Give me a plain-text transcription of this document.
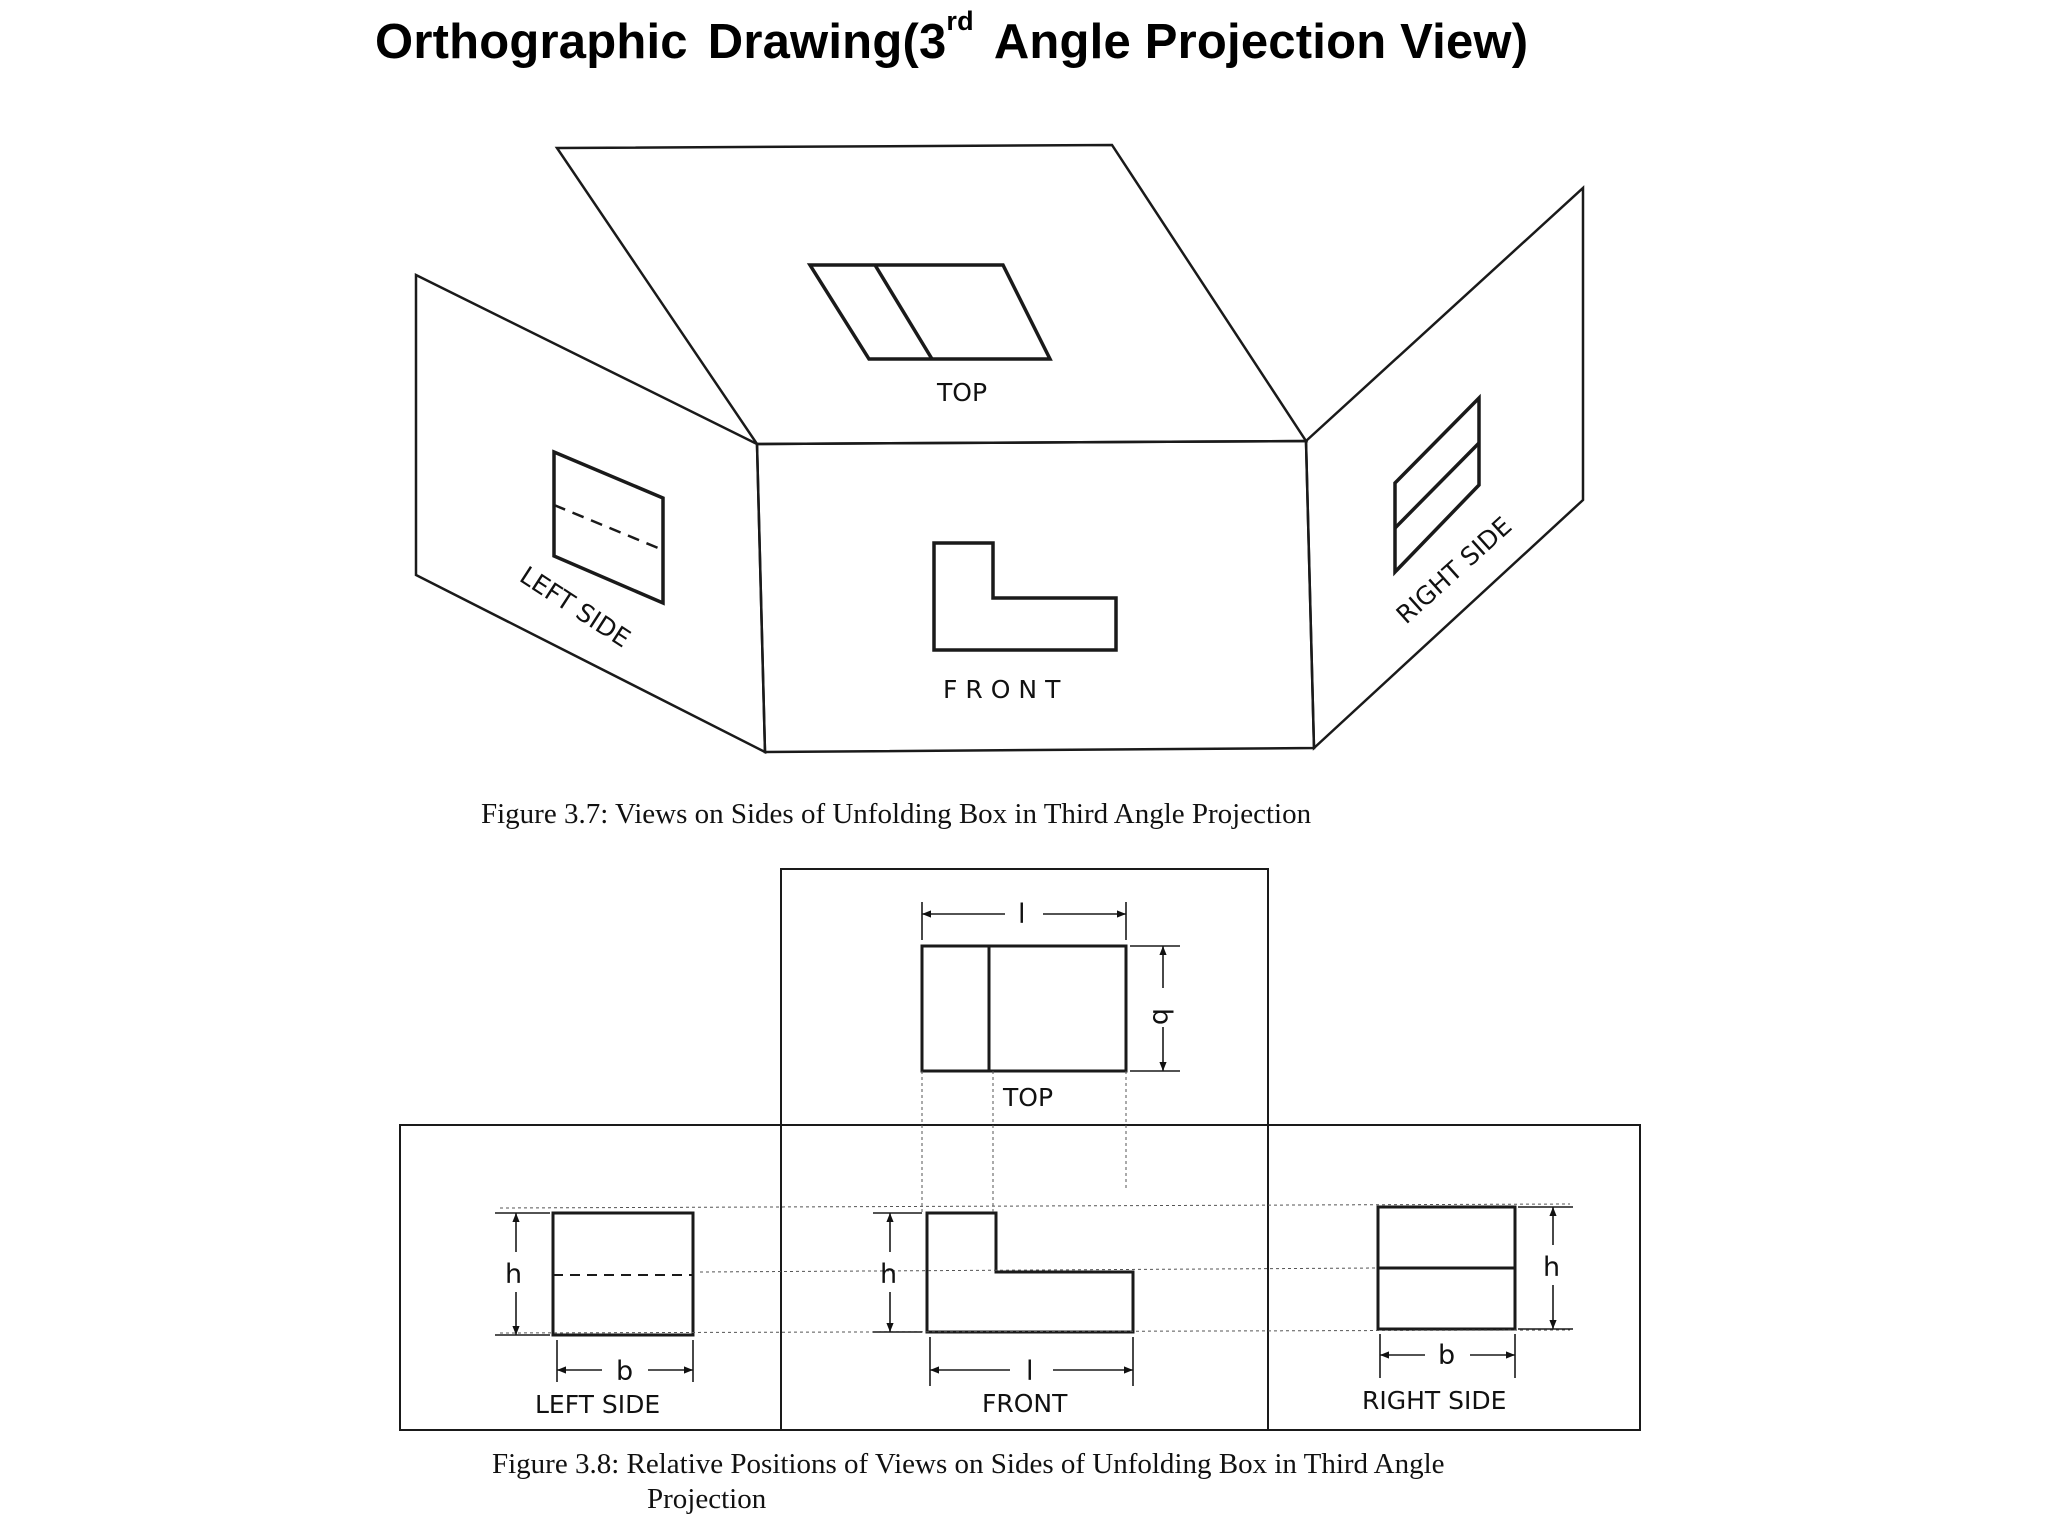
Orthographic Drawing(3rd Angle Projection View)
TOP
FRONT
LEFT SIDE	RIGHT SIDE
Figure 3.7: Views on Sides of Unfolding Box in Third Angle Projection
l
b
h
b
h
l
h
b
TOP
FRONT
LEFT SIDE	RIGHT SIDE
Figure 3.8: Relative Positions of Views on Sides of Unfolding Box in Third Angle
Projection
